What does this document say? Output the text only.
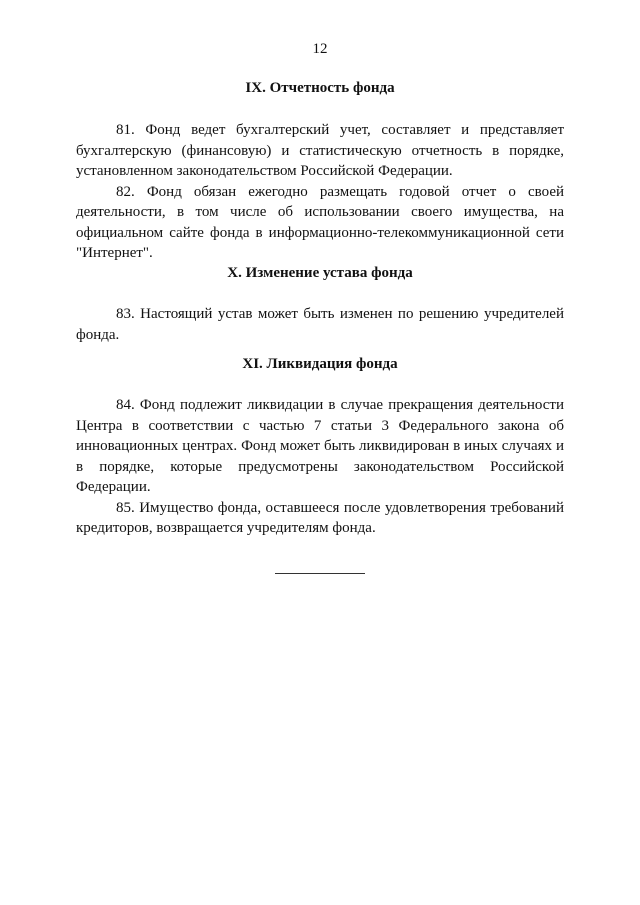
12
IX. Отчетность фонда

81. Фонд ведет бухгалтерский учет, составляет и представляет бухгалтерскую (финансовую) и статистическую отчетность в порядке, установленном законодательством Российской Федерации.

82. Фонд обязан ежегодно размещать годовой отчет о своей деятельности, в том числе об использовании своего имущества, на официальном сайте фонда в информационно-телекоммуникационной сети "Интернет".

X. Изменение устава фонда

83. Настоящий устав может быть изменен по решению учредителей фонда.

XI. Ликвидация фонда

84. Фонд подлежит ликвидации в случае прекращения деятельности Центра в соответствии с частью 7 статьи 3 Федерального закона об инновационных центрах. Фонд может быть ликвидирован в иных случаях и в порядке, которые предусмотрены законодательством Российской Федерации.

85. Имущество фонда, оставшееся после удовлетворения требований кредиторов, возвращается учредителям фонда.
